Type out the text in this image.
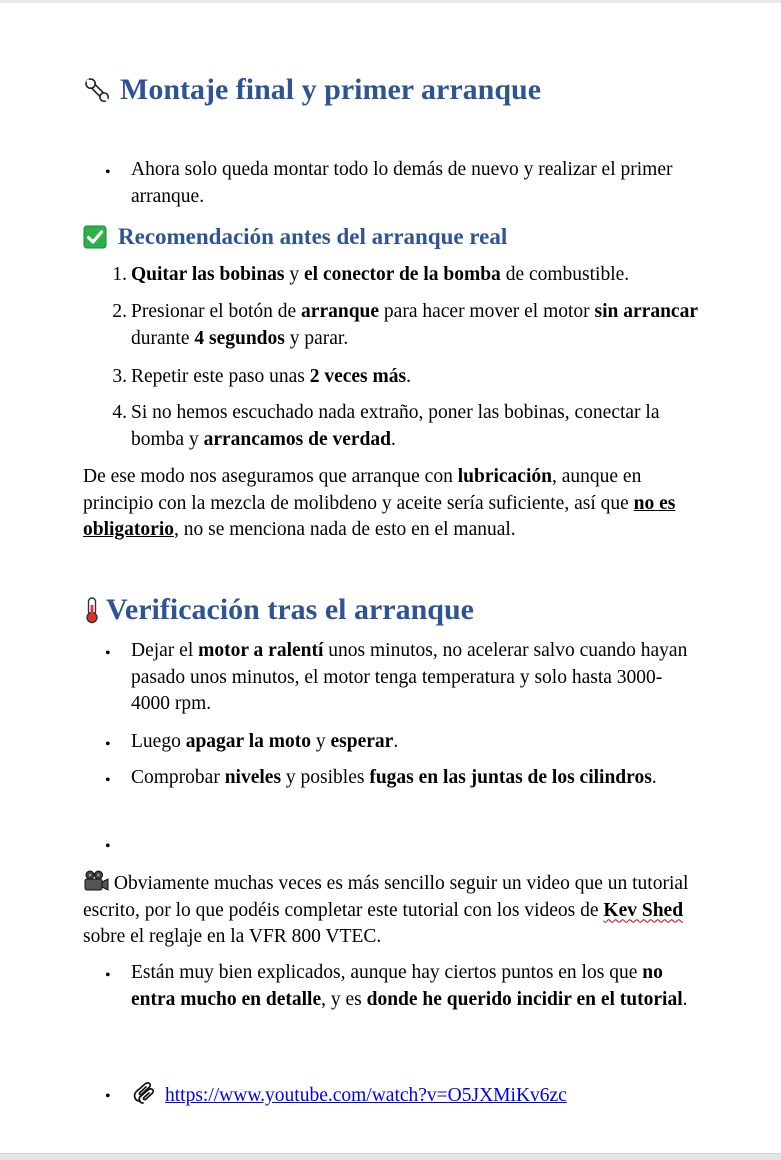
Montaje final y primer arranque
• Ahora solo queda montar todo lo demás de nuevo y realizar el primer arranque.

Recomendación antes del arranque real
1. Quitar las bobinas y el conector de la bomba de combustible.

2. Presionar el botón de arranque para hacer mover el motor sin arrancar durante 4 segundos y parar.

3. Repetir este paso unas 2 veces más.

4. Si no hemos escuchado nada extraño, poner las bobinas, conectar la bomba y arrancamos de verdad.

De ese modo nos aseguramos que arranque con lubricación, aunque en principio con la mezcla de molibdeno y aceite sería suficiente, así que no es obligatorio, no se menciona nada de esto en el manual.

Verificación tras el arranque
• Dejar el motor a ralentí unos minutos, no acelerar salvo cuando hayan pasado unos minutos, el motor tenga temperatura y solo hasta 3000-4000 rpm.

• Luego apagar la moto y esperar.

• Comprobar niveles y posibles fugas en las juntas de los cilindros.

•

Obviamente muchas veces es más sencillo seguir un video que un tutorial escrito, por lo que podéis completar este tutorial con los videos de Kev Shed sobre el reglaje en la VFR 800 VTEC.

• Están muy bien explicados, aunque hay ciertos puntos en los que no entra mucho en detalle, y es donde he querido incidir en el tutorial.

•	https://www.youtube.com/watch?v=O5JXMiKv6zc
